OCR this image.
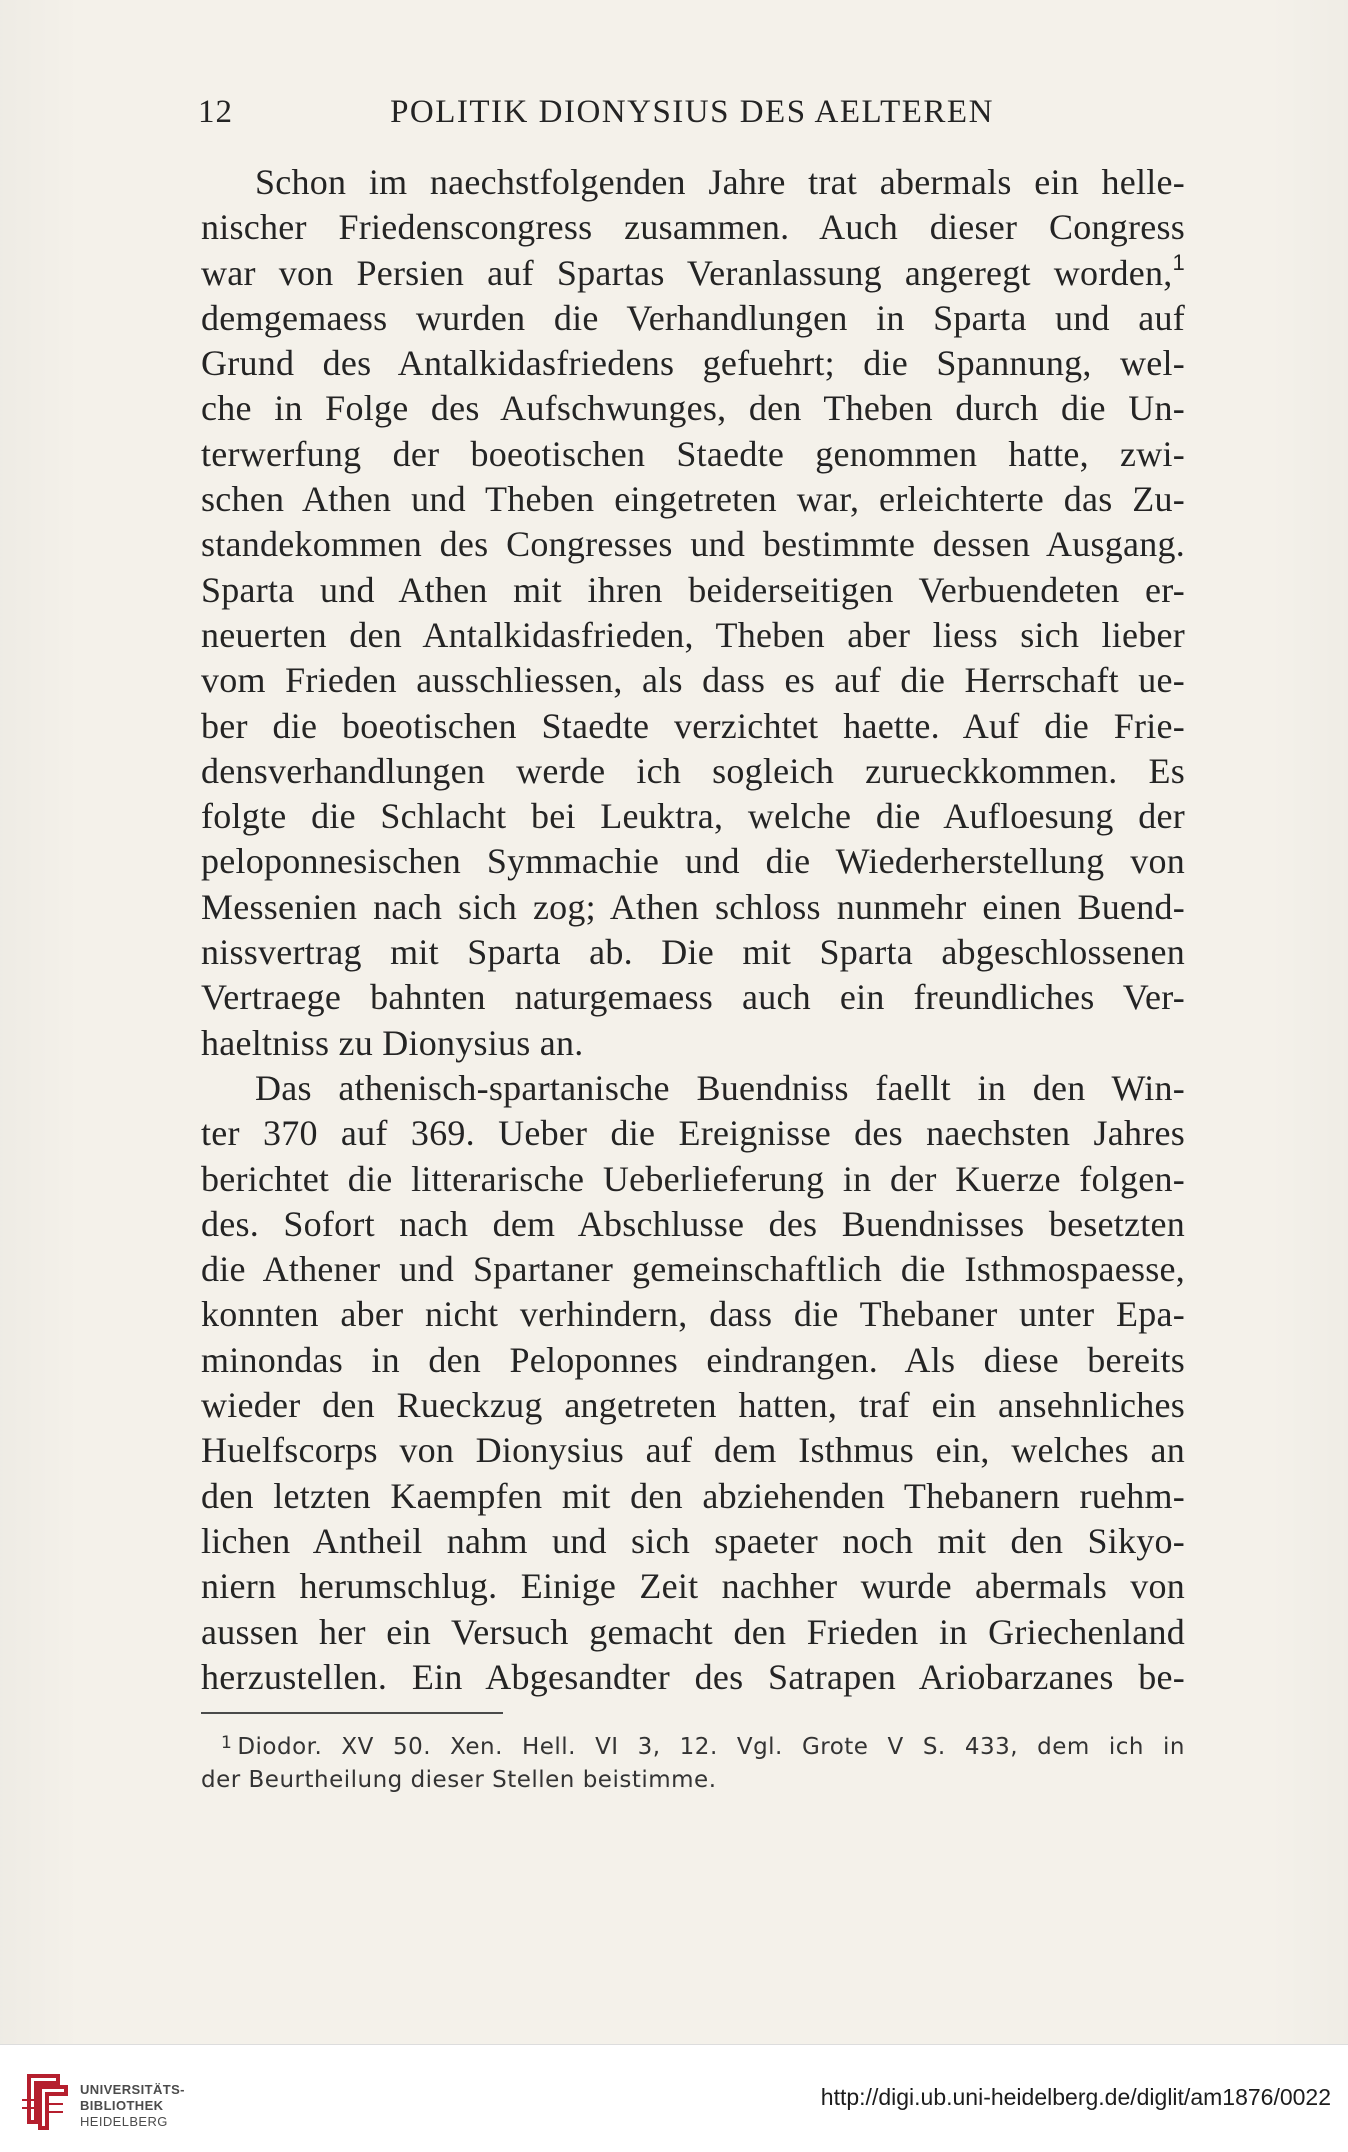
12	POLITIK DIONYSIUS DES AELTEREN
Schon im naechstfolgenden Jahre trat abermals ein helle-
nischer Friedenscongress zusammen. Auch dieser Congress
war von Persien auf Spartas Veranlassung angeregt worden,$^1$
demgemaess wurden die Verhandlungen in Sparta und auf
Grund des Antalkidasfriedens gefuehrt; die Spannung, wel-
che in Folge des Aufschwunges, den Theben durch die Un-
terwerfung der boeotischen Staedte genommen hatte, zwi-
schen Athen und Theben eingetreten war, erleichterte das Zu-
standekommen des Congresses und bestimmte dessen Ausgang.
Sparta und Athen mit ihren beiderseitigen Verbuendeten er-
neuerten den Antalkidasfrieden, Theben aber liess sich lieber
vom Frieden ausschliessen, als dass es auf die Herrschaft ue-
ber die boeotischen Staedte verzichtet haette. Auf die Frie-
densverhandlungen werde ich sogleich zurueckkommen. Es
folgte die Schlacht bei Leuktra, welche die Aufloesung der
peloponnesischen Symmachie und die Wiederherstellung von
Messenien nach sich zog; Athen schloss nunmehr einen Buend-
nissvertrag mit Sparta ab. Die mit Sparta abgeschlossenen
Vertraege bahnten naturgemaess auch ein freundliches Ver-
haeltniss zu Dionysius an.
Das athenisch-spartanische Buendniss faellt in den Win-
ter 370 auf 369. Ueber die Ereignisse des naechsten Jahres
berichtet die litterarische Ueberlieferung in der Kuerze folgen-
des. Sofort nach dem Abschlusse des Buendnisses besetzten
die Athener und Spartaner gemeinschaftlich die Isthmospaesse,
konnten aber nicht verhindern, dass die Thebaner unter Epa-
minondas in den Peloponnes eindrangen. Als diese bereits
wieder den Rueckzug angetreten hatten, traf ein ansehnliches
Huelfscorps von Dionysius auf dem Isthmus ein, welches an
den letzten Kaempfen mit den abziehenden Thebanern ruehm-
lichen Antheil nahm und sich spaeter noch mit den Sikyo-
niern herumschlug. Einige Zeit nachher wurde abermals von
aussen her ein Versuch gemacht den Frieden in Griechenland
herzustellen. Ein Abgesandter des Satrapen Ariobarzanes be-
$^1$ Diodor. XV 50. Xen. Hell. VI 3, 12. Vgl. Grote V S. 433, dem ich in
der Beurtheilung dieser Stellen beistimme.
UNIVERSITÄTS-
BIBLIOTHEK
HEIDELBERG
http://digi.ub.uni-heidelberg.de/diglit/am1876/0022
